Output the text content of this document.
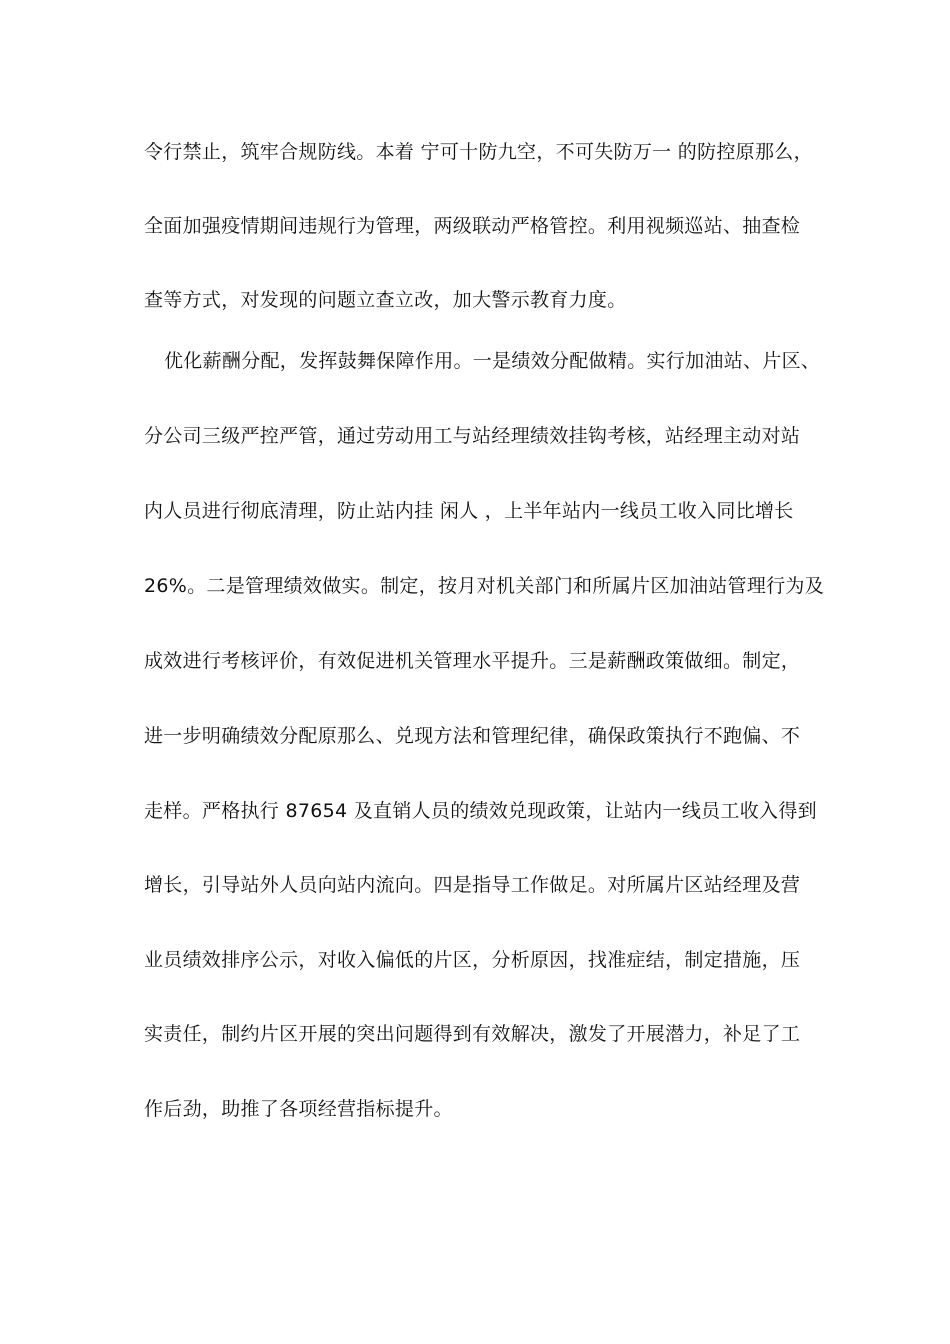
令行禁止，筑牢合规防线。本着 宁可十防九空，不可失防万一 的防控原那么，
全面加强疫情期间违规行为管理，两级联动严格管控。利用视频巡站、抽查检
查等方式，对发现的问题立查立改，加大警示教育力度。
优化薪酬分配，发挥鼓舞保障作用。一是绩效分配做精。实行加油站、片区、
分公司三级严控严管，通过劳动用工与站经理绩效挂钩考核，站经理主动对站
内人员进行彻底清理，防止站内挂 闲人 ，上半年站内一线员工收入同比增长
26%。二是管理绩效做实。制定，按月对机关部门和所属片区加油站管理行为及
成效进行考核评价，有效促进机关管理水平提升。三是薪酬政策做细。制定，
进一步明确绩效分配原那么、兑现方法和管理纪律，确保政策执行不跑偏、不
走样。严格执行 87654 及直销人员的绩效兑现政策，让站内一线员工收入得到
增长，引导站外人员向站内流向。四是指导工作做足。对所属片区站经理及营
业员绩效排序公示，对收入偏低的片区，分析原因，找准症结，制定措施，压
实责任，制约片区开展的突出问题得到有效解决，激发了开展潜力，补足了工
作后劲，助推了各项经营指标提升。
